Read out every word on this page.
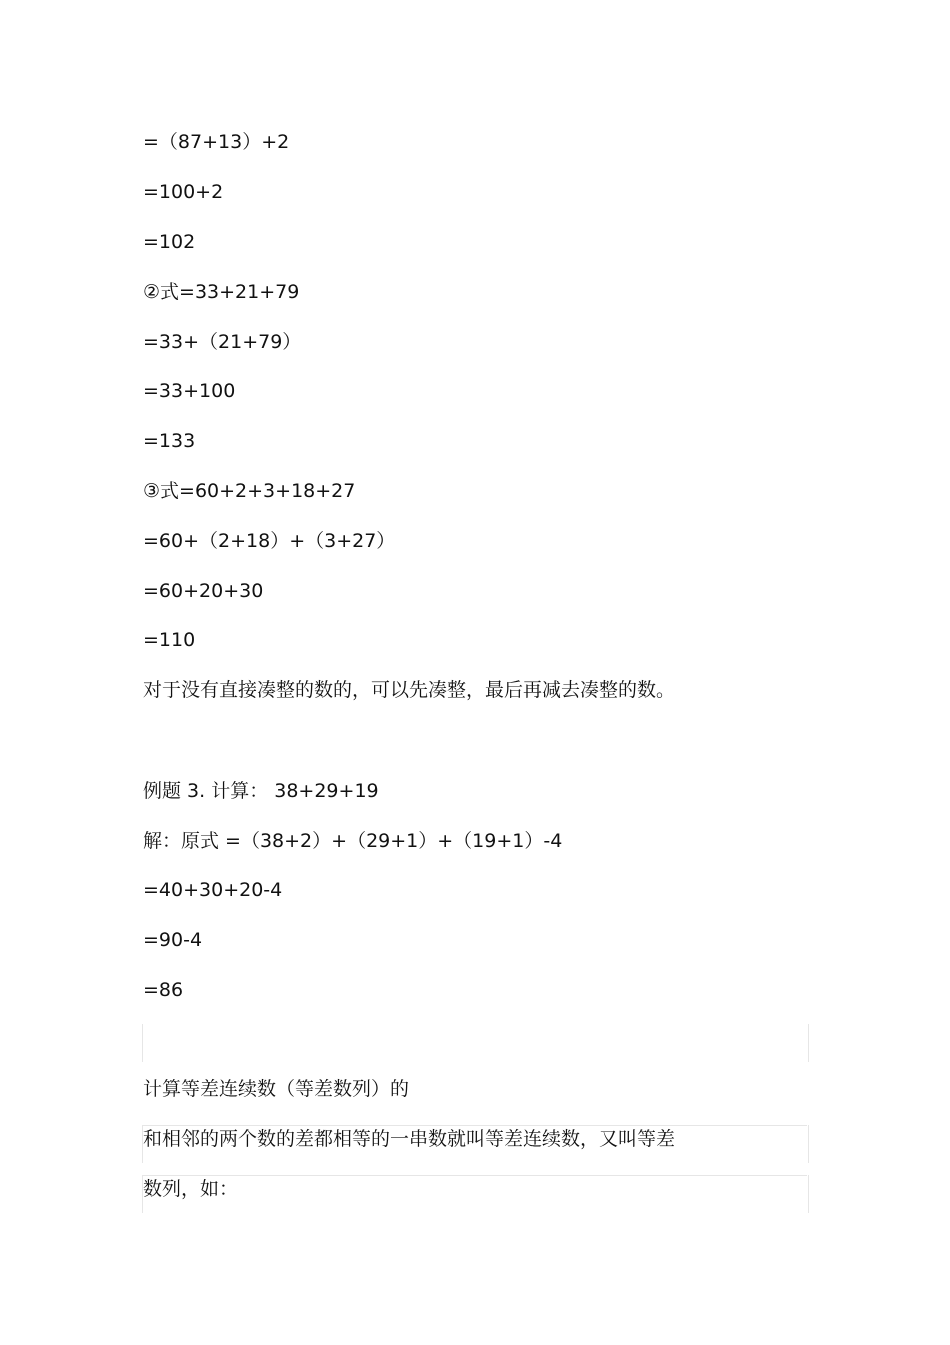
=（87+13）+2
=100+2
=102
②式=33+21+79
=33+（21+79）
=33+100
=133
③式=60+2+3+18+27
=60+（2+18）+（3+27）
=60+20+30
=110
对于没有直接凑整的数的，可以先凑整，最后再减去凑整的数。
例题 3. 计算： 38+29+19
解：原式 =（38+2）+（29+1）+（19+1）-4
=40+30+20-4
=90-4
=86
计算等差连续数（等差数列）的
和相邻的两个数的差都相等的一串数就叫等差连续数，又叫等差
数列，如：
